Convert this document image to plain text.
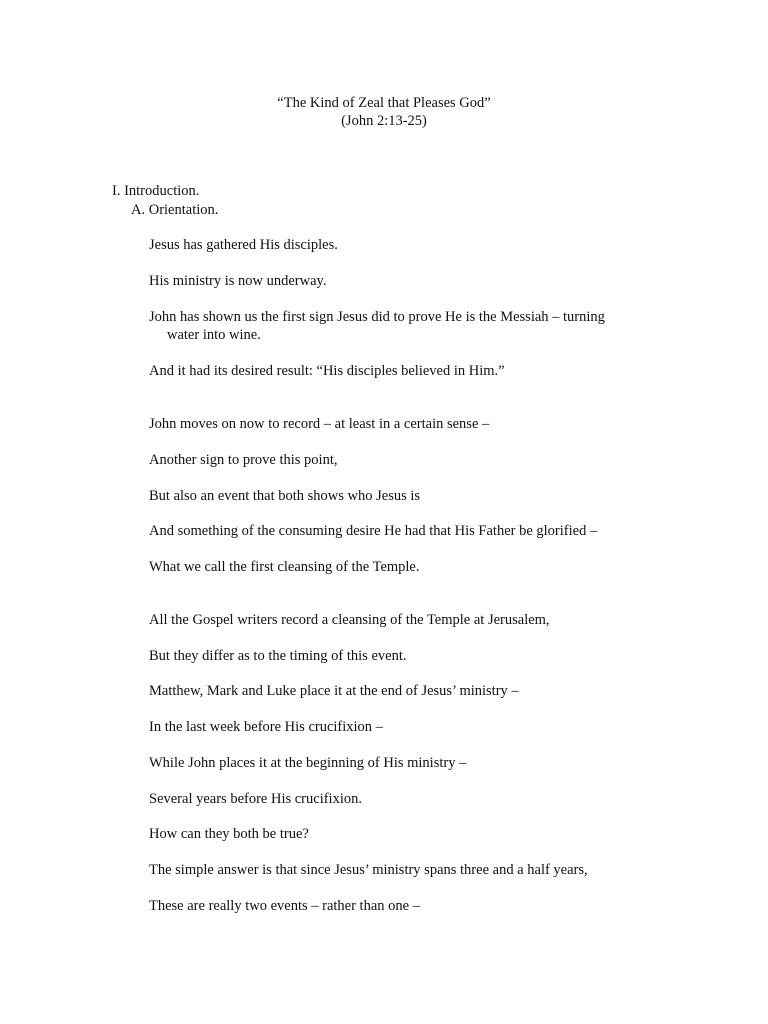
“The Kind of Zeal that Pleases God”
(John 2:13-25)
I. Introduction.
A. Orientation.
Jesus has gathered His disciples.
His ministry is now underway.
John has shown us the first sign Jesus did to prove He is the Messiah – turning
water into wine.
And it had its desired result: “His disciples believed in Him.”
John moves on now to record – at least in a certain sense –
Another sign to prove this point,
But also an event that both shows who Jesus is
And something of the consuming desire He had that His Father be glorified –
What we call the first cleansing of the Temple.
All the Gospel writers record a cleansing of the Temple at Jerusalem,
But they differ as to the timing of this event.
Matthew, Mark and Luke place it at the end of Jesus’ ministry –
In the last week before His crucifixion –
While John places it at the beginning of His ministry –
Several years before His crucifixion.
How can they both be true?
The simple answer is that since Jesus’ ministry spans three and a half years,
These are really two events – rather than one –
